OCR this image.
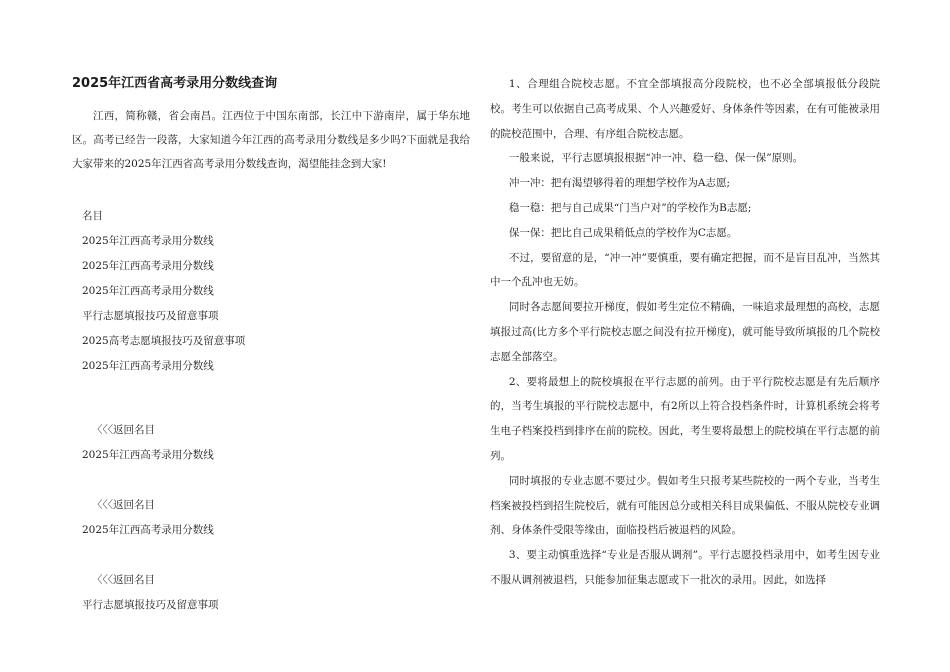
2025年江西省高考录用分数线查询

江西，简称赣，省会南昌。江西位于中国东南部，长江中下游南岸，属于华东地区。高考已经告一段落，大家知道今年江西的高考录用分数线是多少吗?下面就是我给大家带来的2025年江西省高考录用分数线查询，渴望能挂念到大家!

名目
2025年江西高考录用分数线
2025年江西高考录用分数线
2025年江西高考录用分数线
平行志愿填报技巧及留意事项
2025高考志愿填报技巧及留意事项
2025年江西高考录用分数线
〈〈〈返回名目
2025年江西高考录用分数线
〈〈〈返回名目
2025年江西高考录用分数线
〈〈〈返回名目
平行志愿填报技巧及留意事项

1、合理组合院校志愿。不宜全部填报高分段院校，也不必全部填报低分段院校。考生可以依据自己高考成果、个人兴趣爱好、身体条件等因素，在有可能被录用的院校范围中，合理、有序组合院校志愿。

一般来说，平行志愿填报根据“冲一冲、稳一稳、保一保”原则。

冲一冲：把有渴望够得着的理想学校作为A志愿;

稳一稳：把与自己成果“门当户对”的学校作为B志愿;

保一保：把比自己成果稍低点的学校作为C志愿。

不过，要留意的是，“冲一冲”要慎重，要有确定把握，而不是盲目乱冲，当然其中一个乱冲也无妨。

同时各志愿间要拉开梯度，假如考生定位不精确，一味追求最理想的高校，志愿填报过高(比方多个平行院校志愿之间没有拉开梯度)，就可能导致所填报的几个院校志愿全部落空。

2、要将最想上的院校填报在平行志愿的前列。由于平行院校志愿是有先后顺序的，当考生填报的平行院校志愿中，有2所以上符合投档条件时，计算机系统会将考生电子档案投档到排序在前的院校。因此，考生要将最想上的院校填在平行志愿的前列。

同时填报的专业志愿不要过少。假如考生只报考某些院校的一两个专业，当考生档案被投档到招生院校后，就有可能因总分或相关科目成果偏低、不服从院校专业调剂、身体条件受限等缘由，面临投档后被退档的风险。

3、要主动慎重选择“专业是否服从调剂”。平行志愿投档录用中，如考生因专业不服从调剂被退档，只能参加征集志愿或下一批次的录用。因此，如选择
